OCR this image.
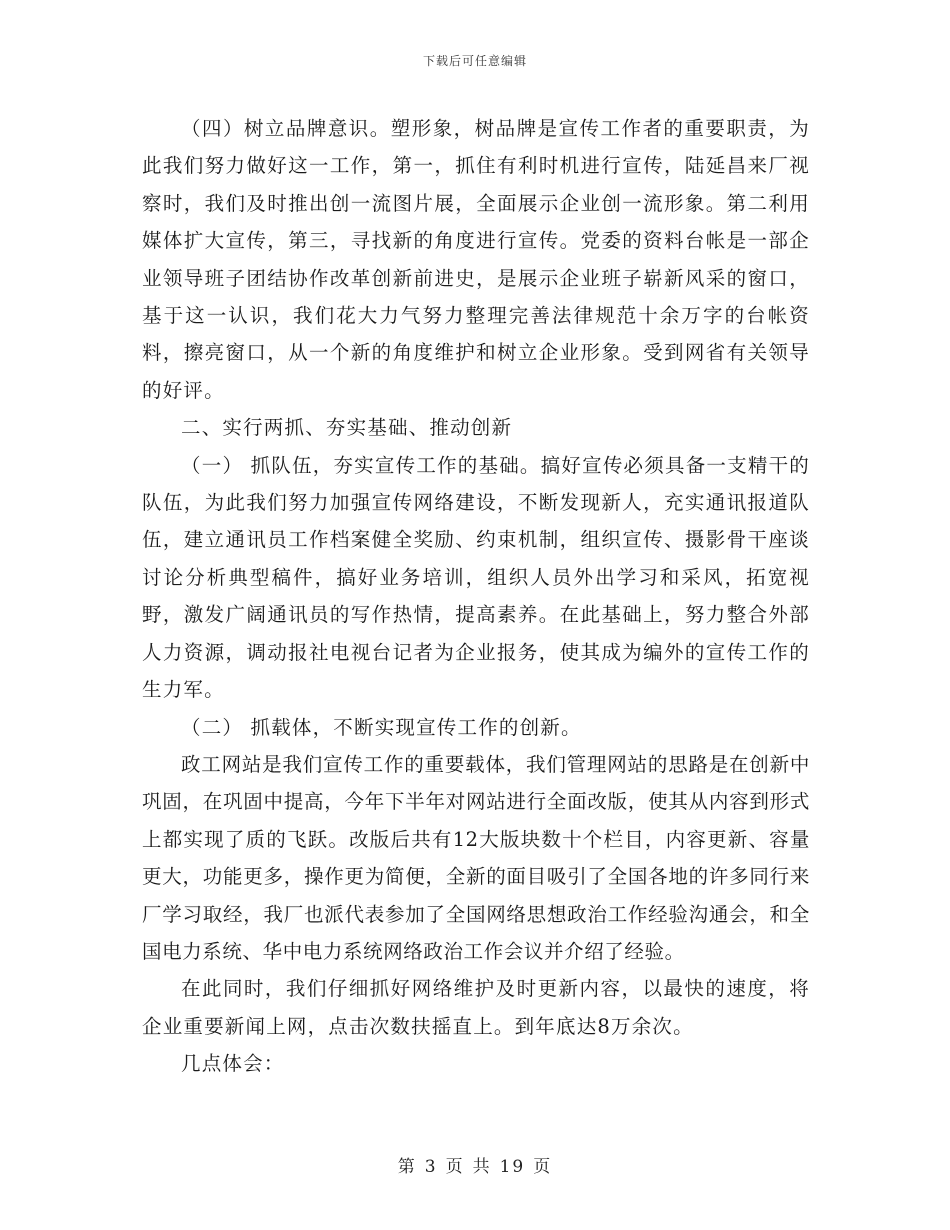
下载后可任意编辑

（四）树立品牌意识。塑形象，树品牌是宣传工作者的重要职责，为此我们努力做好这一工作，第一，抓住有利时机进行宣传，陆延昌来厂视察时，我们及时推出创一流图片展，全面展示企业创一流形象。第二利用媒体扩大宣传，第三，寻找新的角度进行宣传。党委的资料台帐是一部企业领导班子团结协作改革创新前进史，是展示企业班子崭新风采的窗口，基于这一认识，我们花大力气努力整理完善法律规范十余万字的台帐资料，擦亮窗口，从一个新的角度维护和树立企业形象。受到网省有关领导的好评。

二、实行两抓、夯实基础、推动创新

（一） 抓队伍，夯实宣传工作的基础。搞好宣传必须具备一支精干的队伍，为此我们努力加强宣传网络建设，不断发现新人，充实通讯报道队伍，建立通讯员工作档案健全奖励、约束机制，组织宣传、摄影骨干座谈讨论分析典型稿件，搞好业务培训，组织人员外出学习和采风，拓宽视野，激发广阔通讯员的写作热情，提高素养。在此基础上，努力整合外部人力资源，调动报社电视台记者为企业报务，使其成为编外的宣传工作的生力军。

（二） 抓载体，不断实现宣传工作的创新。

政工网站是我们宣传工作的重要载体，我们管理网站的思路是在创新中巩固，在巩固中提高，今年下半年对网站进行全面改版，使其从内容到形式上都实现了质的飞跃。改版后共有12大版块数十个栏目，内容更新、容量更大，功能更多，操作更为简便，全新的面目吸引了全国各地的许多同行来厂学习取经，我厂也派代表参加了全国网络思想政治工作经验沟通会，和全国电力系统、华中电力系统网络政治工作会议并介绍了经验。

在此同时，我们仔细抓好网络维护及时更新内容，以最快的速度，将企业重要新闻上网，点击次数扶摇直上。到年底达8万余次。

几点体会：

第 3 页 共 19 页
